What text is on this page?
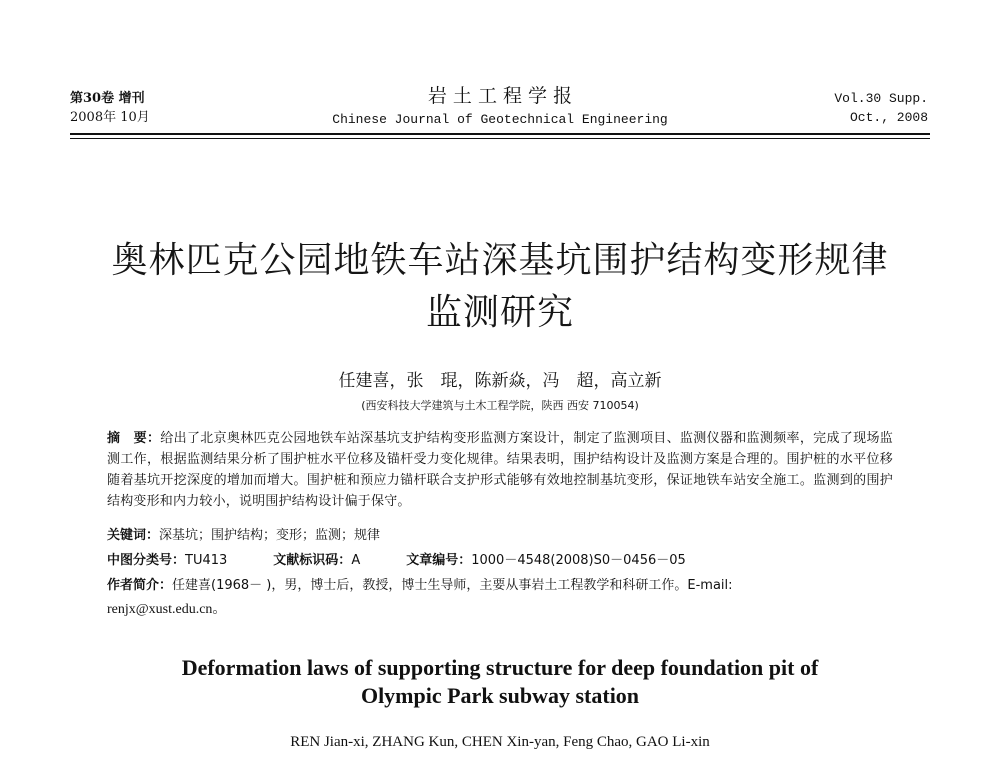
第30卷 增刊
2008年 10月
岩 土 工 程 学 报
Chinese Journal of Geotechnical Engineering
Vol.30 Supp.
Oct., 2008
奥林匹克公园地铁车站深基坑围护结构变形规律
监测研究
任建喜，张　琨，陈新焱，冯　超，高立新
(西安科技大学建筑与土木工程学院，陕西 西安 710054)
摘　要：给出了北京奥林匹克公园地铁车站深基坑支护结构变形监测方案设计，制定了监测项目、监测仪器和监测频率，完成了现场监测工作，根据监测结果分析了围护桩水平位移及锚杆受力变化规律。结果表明，围护结构设计及监测方案是合理的。围护桩的水平位移随着基坑开挖深度的增加而增大。围护桩和预应力锚杆联合支护形式能够有效地控制基坑变形，保证地铁车站安全施工。监测到的围护结构变形和内力较小，说明围护结构设计偏于保守。
关键词：深基坑；围护结构；变形；监测；规律
中图分类号：TU413	文献标识码：A	文章编号：1000－4548(2008)S0－0456－05
作者简介：任建喜(1968－ )，男，博士后，教授，博士生导师，主要从事岩土工程教学和科研工作。E-mail:
renjx@xust.edu.cn。
Deformation laws of supporting structure for deep foundation pit of
Olympic Park subway station
REN Jian-xi, ZHANG Kun, CHEN Xin-yan, Feng Chao, GAO Li-xin
